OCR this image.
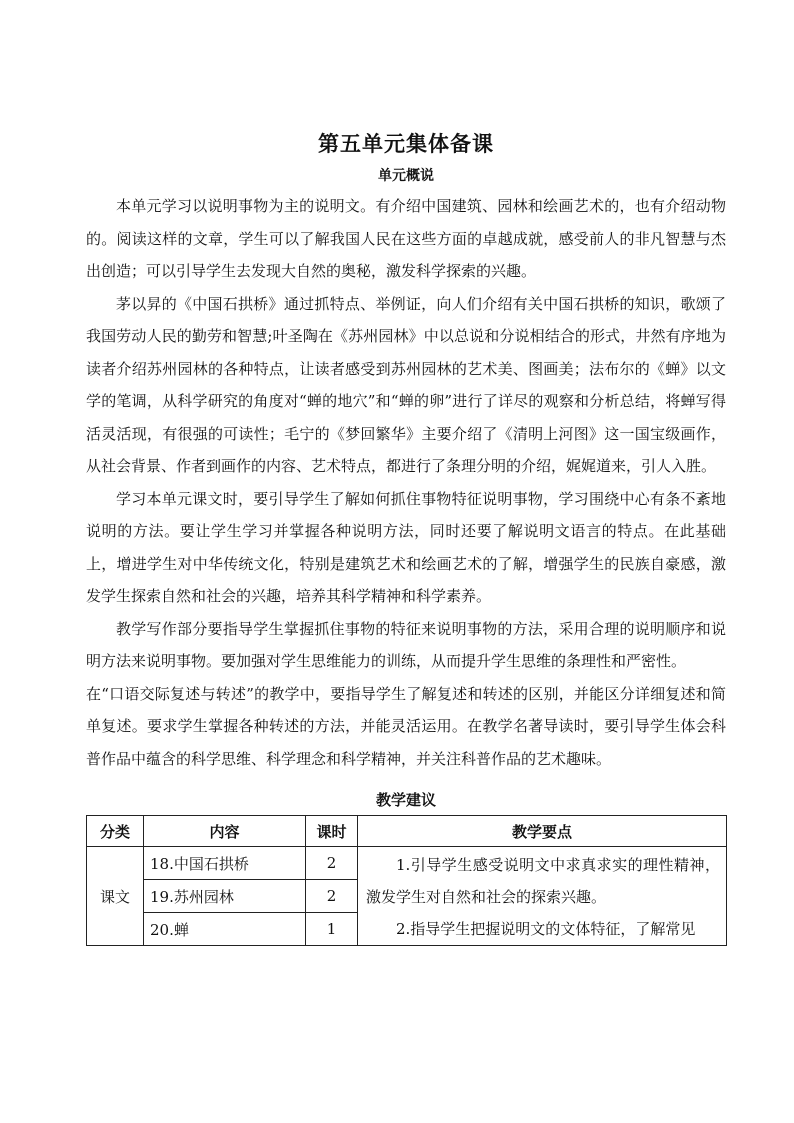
第五单元集体备课
单元概说

本单元学习以说明事物为主的说明文。有介绍中国建筑、园林和绘画艺术的，也有介绍动物的。阅读这样的文章，学生可以了解我国人民在这些方面的卓越成就，感受前人的非凡智慧与杰出创造；可以引导学生去发现大自然的奥秘，激发科学探索的兴趣。

茅以昇的《中国石拱桥》通过抓特点、举例证，向人们介绍有关中国石拱桥的知识，歌颂了我国劳动人民的勤劳和智慧;叶圣陶在《苏州园林》中以总说和分说相结合的形式，井然有序地为读者介绍苏州园林的各种特点，让读者感受到苏州园林的艺术美、图画美；法布尔的《蝉》以文学的笔调，从科学研究的角度对“蝉的地穴”和“蝉的卵”进行了详尽的观察和分析总结，将蝉写得活灵活现，有很强的可读性；毛宁的《梦回繁华》主要介绍了《清明上河图》这一国宝级画作，从社会背景、作者到画作的内容、艺术特点，都进行了条理分明的介绍，娓娓道来，引人入胜。

学习本单元课文时，要引导学生了解如何抓住事物特征说明事物，学习围绕中心有条不紊地说明的方法。要让学生学习并掌握各种说明方法，同时还要了解说明文语言的特点。在此基础上，增进学生对中华传统文化，特别是建筑艺术和绘画艺术的了解，增强学生的民族自豪感，激发学生探索自然和社会的兴趣，培养其科学精神和科学素养。

教学写作部分要指导学生掌握抓住事物的特征来说明事物的方法，采用合理的说明顺序和说明方法来说明事物。要加强对学生思维能力的训练，从而提升学生思维的条理性和严密性。

在“口语交际复述与转述”的教学中，要指导学生了解复述和转述的区别，并能区分详细复述和简单复述。要求学生掌握各种转述的方法，并能灵活运用。在教学名著导读时，要引导学生体会科普作品中蕴含的科学思维、科学理念和科学精神，并关注科普作品的艺术趣味。

教学建议
分类	内容	课时	教学要点
课文	18.中国石拱桥	2	1.引导学生感受说明文中求真求实的理性精神，激发学生对自然和社会的探索兴趣。
2.指导学生把握说明文的文体特征，了解常见

	19.苏州园林	2	
	20.蝉	1	
